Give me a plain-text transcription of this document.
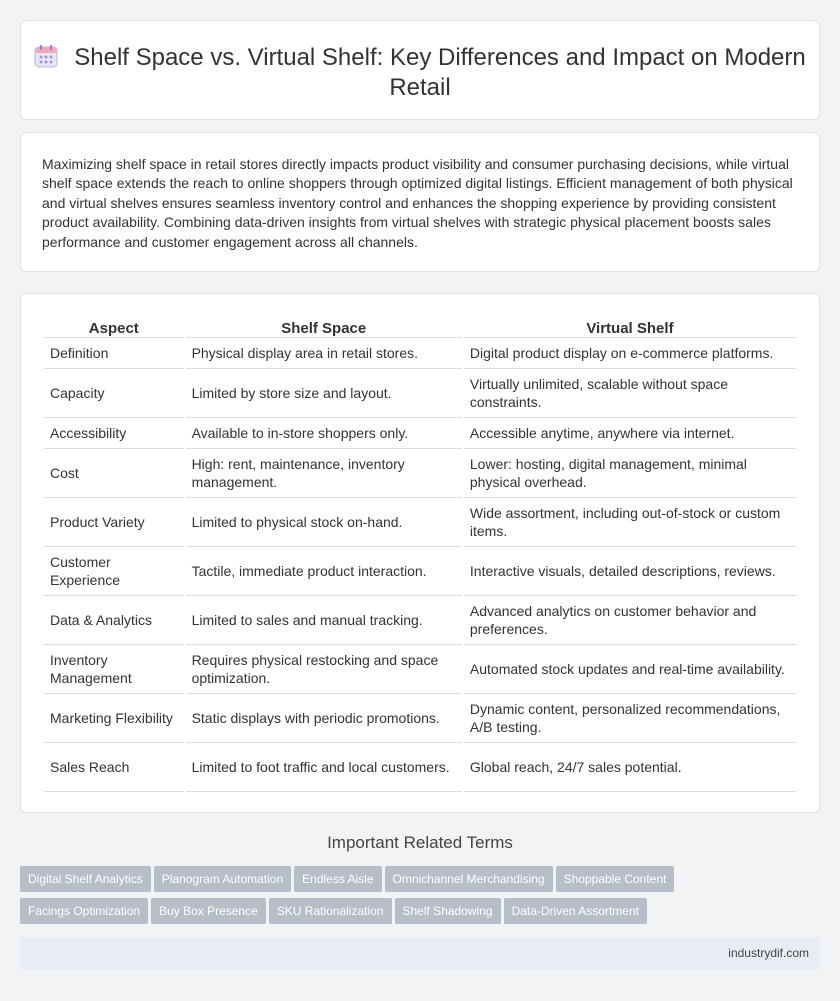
Shelf Space vs. Virtual Shelf: Key Differences and Impact on Modern Retail

Maximizing shelf space in retail stores directly impacts product visibility and consumer purchasing decisions, while virtual shelf space extends the reach to online shoppers through optimized digital listings. Efficient management of both physical and virtual shelves ensures seamless inventory control and enhances the shopping experience by providing consistent product availability. Combining data-driven insights from virtual shelves with strategic physical placement boosts sales performance and customer engagement across all channels.

Aspect	Shelf Space	Virtual Shelf
Definition	Physical display area in retail stores.	Digital product display on e-commerce platforms.
Capacity	Limited by store size and layout.	Virtually unlimited, scalable without space constraints.
Accessibility	Available to in-store shoppers only.	Accessible anytime, anywhere via internet.
Cost	High: rent, maintenance, inventory management.	Lower: hosting, digital management, minimal physical overhead.
Product Variety	Limited to physical stock on-hand.	Wide assortment, including out-of-stock or custom items.
Customer Experience	Tactile, immediate product interaction.	Interactive visuals, detailed descriptions, reviews.
Data & Analytics	Limited to sales and manual tracking.	Advanced analytics on customer behavior and preferences.
Inventory Management	Requires physical restocking and space optimization.	Automated stock updates and real-time availability.
Marketing Flexibility	Static displays with periodic promotions.	Dynamic content, personalized recommendations, A/B testing.
Sales Reach	Limited to foot traffic and local customers.	Global reach, 24/7 sales potential.
Important Related Terms
Digital Shelf Analytics Planogram Automation Endless Aisle Omnichannel Merchandising Shoppable Content
Facings Optimization Buy Box Presence SKU Rationalization Shelf Shadowing Data-Driven Assortment
industrydif.com
